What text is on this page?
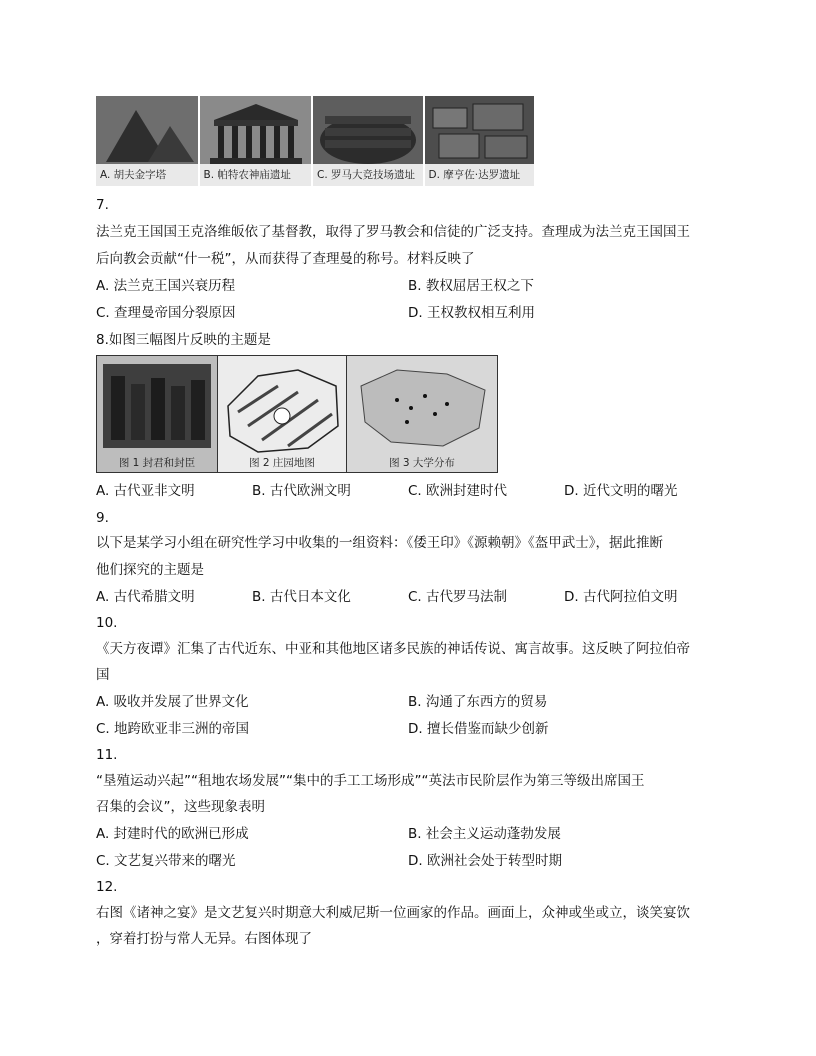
A. 胡夫金字塔	B. 帕特农神庙遗址	C. 罗马大竞技场遗址	D. 摩亨佐·达罗遗址
7.
法兰克王国国王克洛维皈依了基督教，取得了罗马教会和信徒的广泛支持。查理成为法兰克王国国王
后向教会贡献“什一税”，从而获得了查理曼的称号。材料反映了
A. 法兰克王国兴衰历程	B. 教权屈居王权之下
C. 查理曼帝国分裂原因	D. 王权教权相互利用
8.如图三幅图片反映的主题是
图 1 封君和封臣	图 2 庄园地图	图 3 大学分布
A. 古代亚非文明	B. 古代欧洲文明	C. 欧洲封建时代	D. 近代文明的曙光
9.
以下是某学习小组在研究性学习中收集的一组资料：《倭王印》《源赖朝》《盔甲武士》，据此推断
他们探究的主题是
A. 古代希腊文明	B. 古代日本文化	C. 古代罗马法制	D. 古代阿拉伯文明
10.
《天方夜谭》汇集了古代近东、中亚和其他地区诸多民族的神话传说、寓言故事。这反映了阿拉伯帝
国
A. 吸收并发展了世界文化	B. 沟通了东西方的贸易
C. 地跨欧亚非三洲的帝国	D. 擅长借鉴而缺少创新
11.
“垦殖运动兴起”“租地农场发展”“集中的手工工场形成”“英法市民阶层作为第三等级出席国王
召集的会议”，这些现象表明
A. 封建时代的欧洲已形成	B. 社会主义运动蓬勃发展
C. 文艺复兴带来的曙光	D. 欧洲社会处于转型时期
12.
右图《诸神之宴》是文艺复兴时期意大利威尼斯一位画家的作品。画面上，众神或坐或立，谈笑宴饮
，穿着打扮与常人无异。右图体现了
